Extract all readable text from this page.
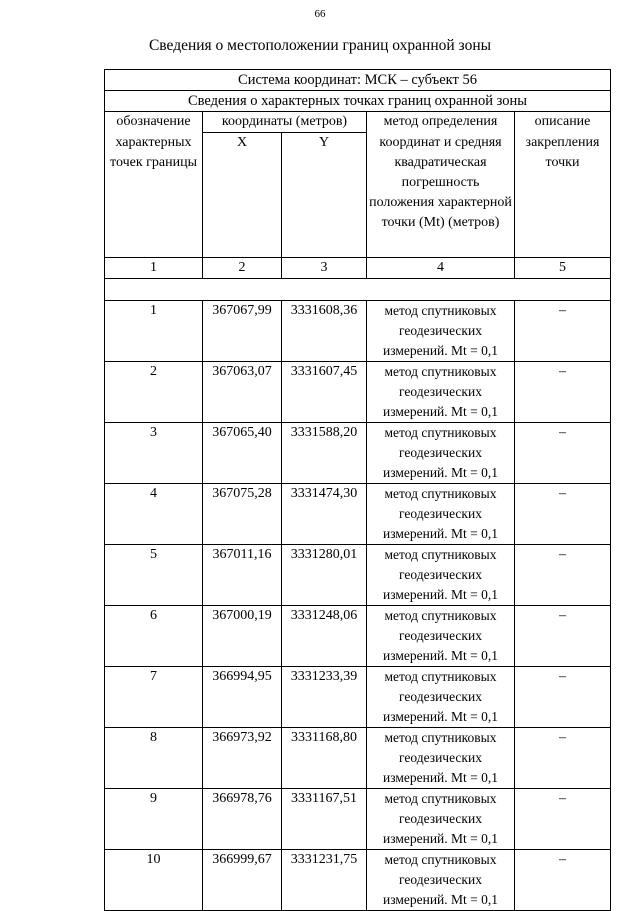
66
Сведения о местоположении границ охранной зоны
Система координат: МСК – субъект 56				
Сведения о характерных точках границ охранной зоны				
обозначение	координаты (метров)		метод определения	описание
характерных точек границы	X	Y	координат и средняя квадратическая погрешность положения характерной точки (Mt) (метров)	закрепления точки
1	2	3	4	5

1	367067,99	3331608,36	метод спутниковых геодезических измерений. Mt = 0,1	–
2	367063,07	3331607,45	метод спутниковых геодезических измерений. Mt = 0,1	–
3	367065,40	3331588,20	метод спутниковых геодезических измерений. Mt = 0,1	–
4	367075,28	3331474,30	метод спутниковых геодезических измерений. Mt = 0,1	–
5	367011,16	3331280,01	метод спутниковых геодезических измерений. Mt = 0,1	–
6	367000,19	3331248,06	метод спутниковых геодезических измерений. Mt = 0,1	–
7	366994,95	3331233,39	метод спутниковых геодезических измерений. Mt = 0,1	–
8	366973,92	3331168,80	метод спутниковых геодезических измерений. Mt = 0,1	–
9	366978,76	3331167,51	метод спутниковых геодезических измерений. Mt = 0,1	–
10	366999,67	3331231,75	метод спутниковых геодезических измерений. Mt = 0,1	–
